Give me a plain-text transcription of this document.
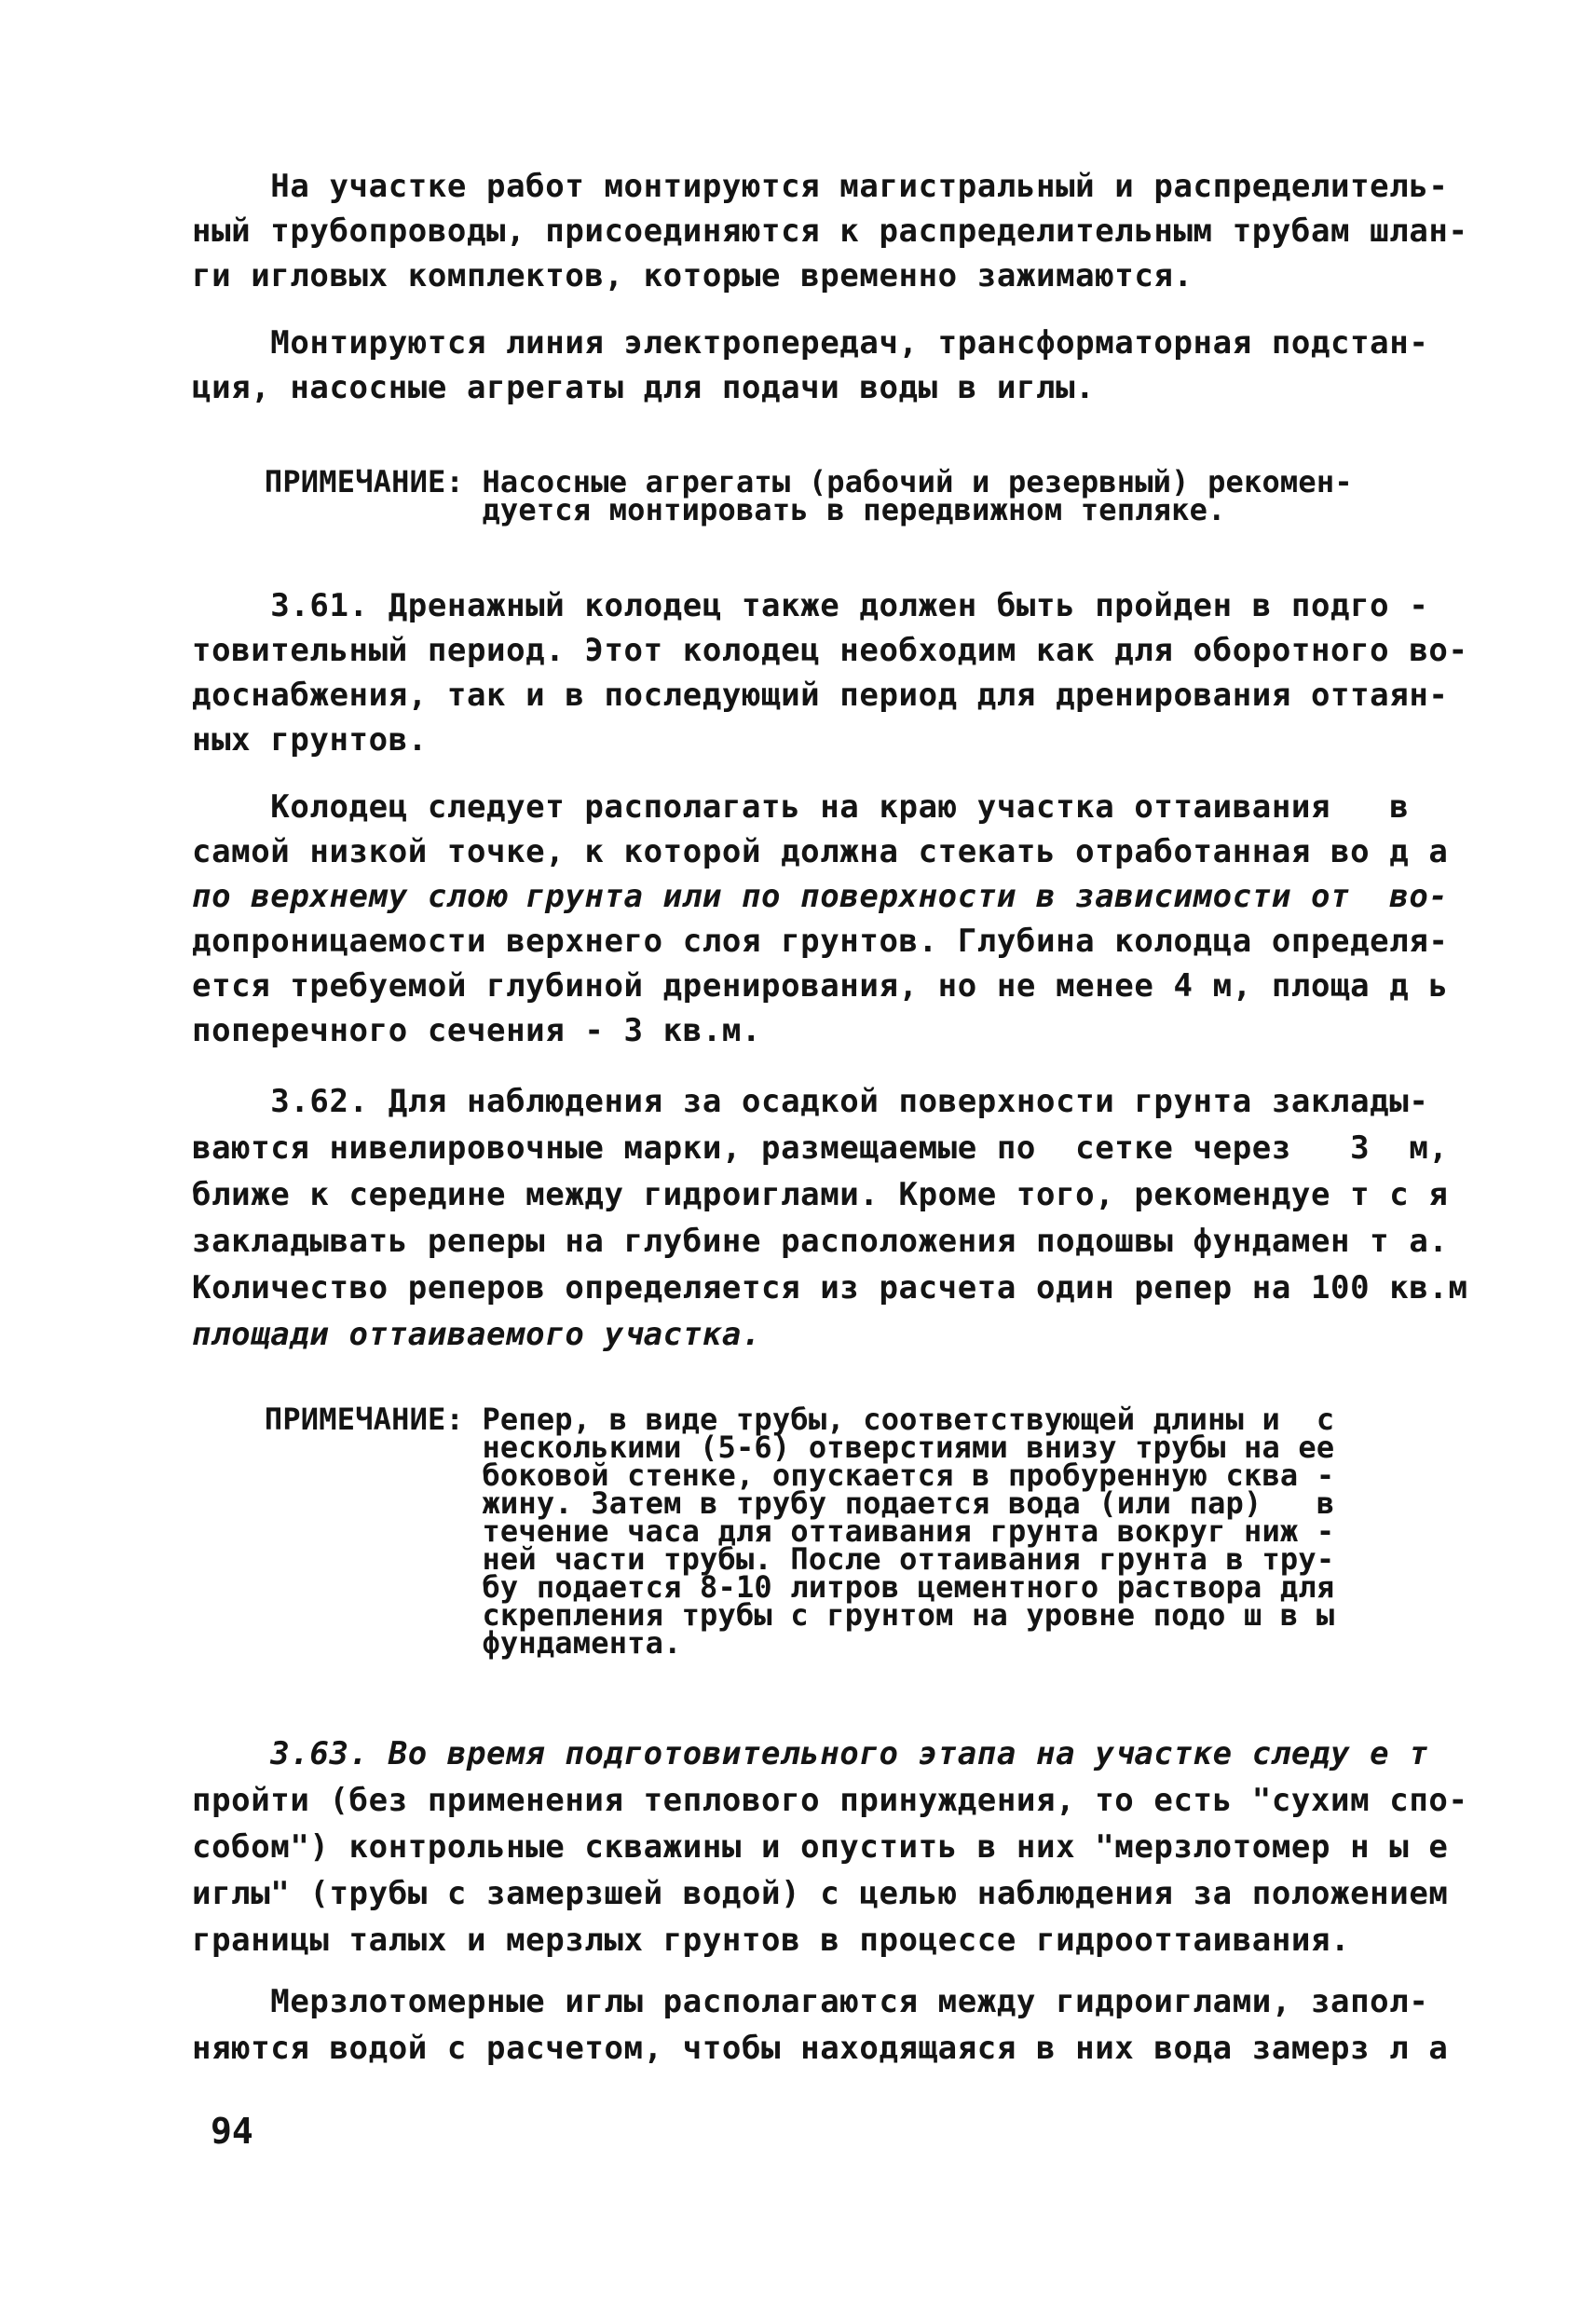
На участке работ монтируются магистральный и распределитель-
ный трубопроводы, присоединяются к распределительным трубам шлан-
ги игловых комплектов, которые временно зажимаются.
Монтируются линия электропередач, трансформаторная подстан-
ция, насосные агрегаты для подачи воды в иглы.
ПРИМЕЧАНИЕ: Насосные агрегаты (рабочий и резервный) рекомен-
дуется монтировать в передвижном тепляке.
3.61. Дренажный колодец также должен быть пройден в подго -
товительный период. Этот колодец необходим как для оборотного во-
доснабжения, так и в последующий период для дренирования оттаян-
ных грунтов.
Колодец следует располагать на краю участка оттаивания   в
самой низкой точке, к которой должна стекать отработанная во д а
по верхнему слою грунта или по поверхности в зависимости от  во-
допроницаемости верхнего слоя грунтов. Глубина колодца определя-
ется требуемой глубиной дренирования, но не менее 4 м, площа д ь
поперечного сечения - 3 кв.м.
3.62. Для наблюдения за осадкой поверхности грунта заклады-
ваются нивелировочные марки, размещаемые по  сетке через   3  м,
ближе к середине между гидроиглами. Кроме того, рекомендуе т с я
закладывать реперы на глубине расположения подошвы фундамен т а.
Количество реперов определяется из расчета один репер на 100 кв.м
площади оттаиваемого участка.
ПРИМЕЧАНИЕ: Репер, в виде трубы, соответствующей длины и  с
несколькими (5-6) отверстиями внизу трубы на ее
боковой стенке, опускается в пробуренную сква -
жину. Затем в трубу подается вода (или пар)   в
течение часа для оттаивания грунта вокруг ниж -
ней части трубы. После оттаивания грунта в тру-
бу подается 8-10 литров цементного раствора для
скрепления трубы с грунтом на уровне подо ш в ы
фундамента.
3.63. Во время подготовительного этапа на участке следу е т
пройти (без применения теплового принуждения, то есть "сухим спо-
собом") контрольные скважины и опустить в них "мерзлотомер н ы е
иглы" (трубы с замерзшей водой) с целью наблюдения за положением
границы талых и мерзлых грунтов в процессе гидрооттаивания.
Мерзлотомерные иглы располагаются между гидроиглами, запол-
няются водой с расчетом, чтобы находящаяся в них вода замерз л а
94
